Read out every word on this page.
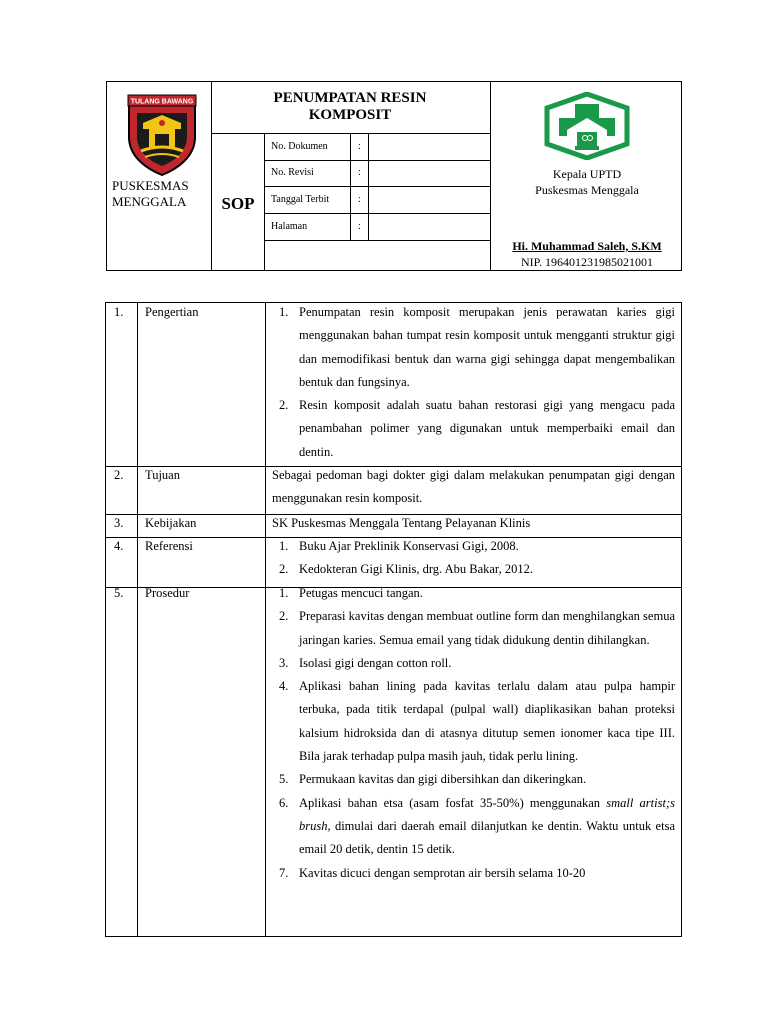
TULANG BAWANG
PUSKESMAS
MENGGALA
PENUMPATAN RESIN
KOMPOSIT
SOP
No. Dokumen	:
No. Revisi	:
Tanggal Terbit	:
Halaman	:
Kepala UPTD
Puskesmas Menggala
Hi. Muhammad Saleh, S.KM
NIP. 196401231985021001
1. Pengertian	1. Penumpatan resin komposit merupakan jenis perawatan karies gigi menggunakan bahan tumpat resin komposit untuk mengganti struktur gigi dan memodifikasi bentuk dan warna gigi sehingga dapat mengembalikan bentuk dan fungsinya.
2. Resin komposit adalah suatu bahan restorasi gigi yang mengacu pada penambahan polimer yang digunakan untuk memperbaiki email dan dentin.
2. Tujuan	Sebagai pedoman bagi dokter gigi dalam melakukan penumpatan gigi dengan menggunakan resin komposit.
3. Kebijakan	SK Puskesmas Menggala Tentang Pelayanan Klinis
4. Referensi	1. Buku Ajar Preklinik Konservasi Gigi, 2008.
2. Kedokteran Gigi Klinis, drg. Abu Bakar, 2012.
5. Prosedur	1. Petugas mencuci tangan.
2. Preparasi kavitas dengan membuat outline form dan menghilangkan semua jaringan karies. Semua email yang tidak didukung dentin dihilangkan.
3. Isolasi gigi dengan cotton roll.
4. Aplikasi bahan lining pada kavitas terlalu dalam atau pulpa hampir terbuka, pada titik terdapal (pulpal wall) diaplikasikan bahan proteksi kalsium hidroksida dan di atasnya ditutup semen ionomer kaca tipe III. Bila jarak terhadap pulpa masih jauh, tidak perlu lining.
5. Permukaan kavitas dan gigi dibersihkan dan dikeringkan.
6. Aplikasi bahan etsa (asam fosfat 35-50%) menggunakan small artist;s brush, dimulai dari daerah email dilanjutkan ke dentin. Waktu untuk etsa email 20 detik, dentin 15 detik.
7. Kavitas dicuci dengan semprotan air bersih selama 10-20
